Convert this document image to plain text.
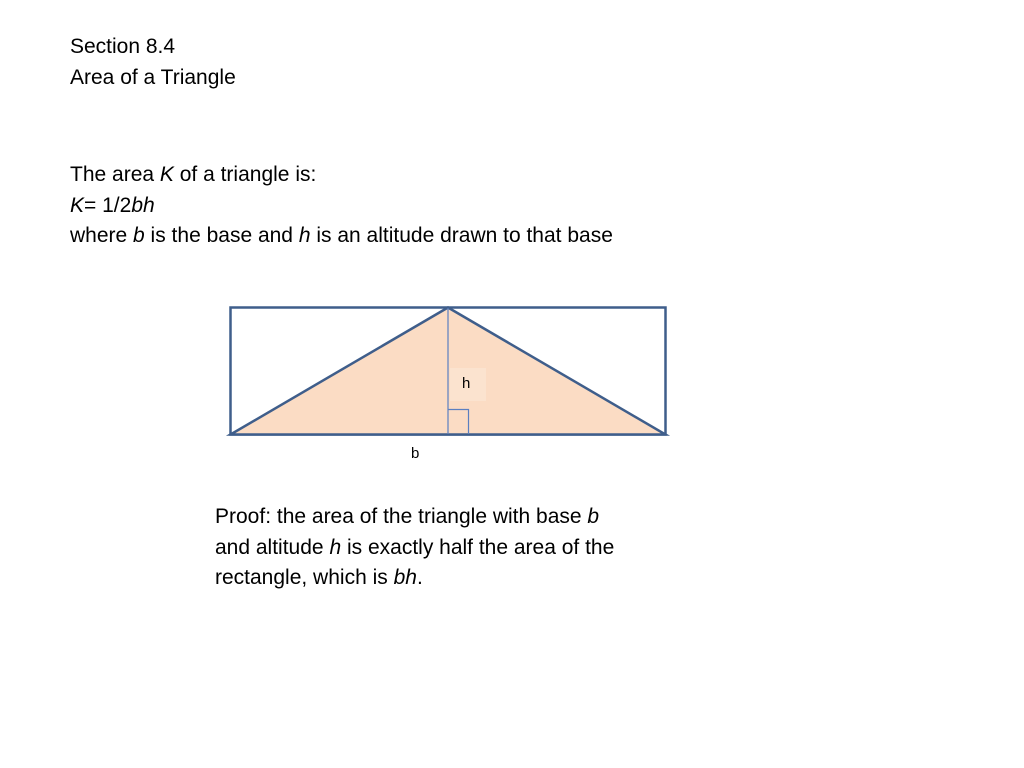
Section 8.4
Area of a Triangle
The area K of a triangle is:
K= 1/2bh
where b is the base and h is an altitude drawn to that base
h
b
Proof: the area of the triangle with base b
and altitude h is exactly half the area of the
rectangle, which is bh.
